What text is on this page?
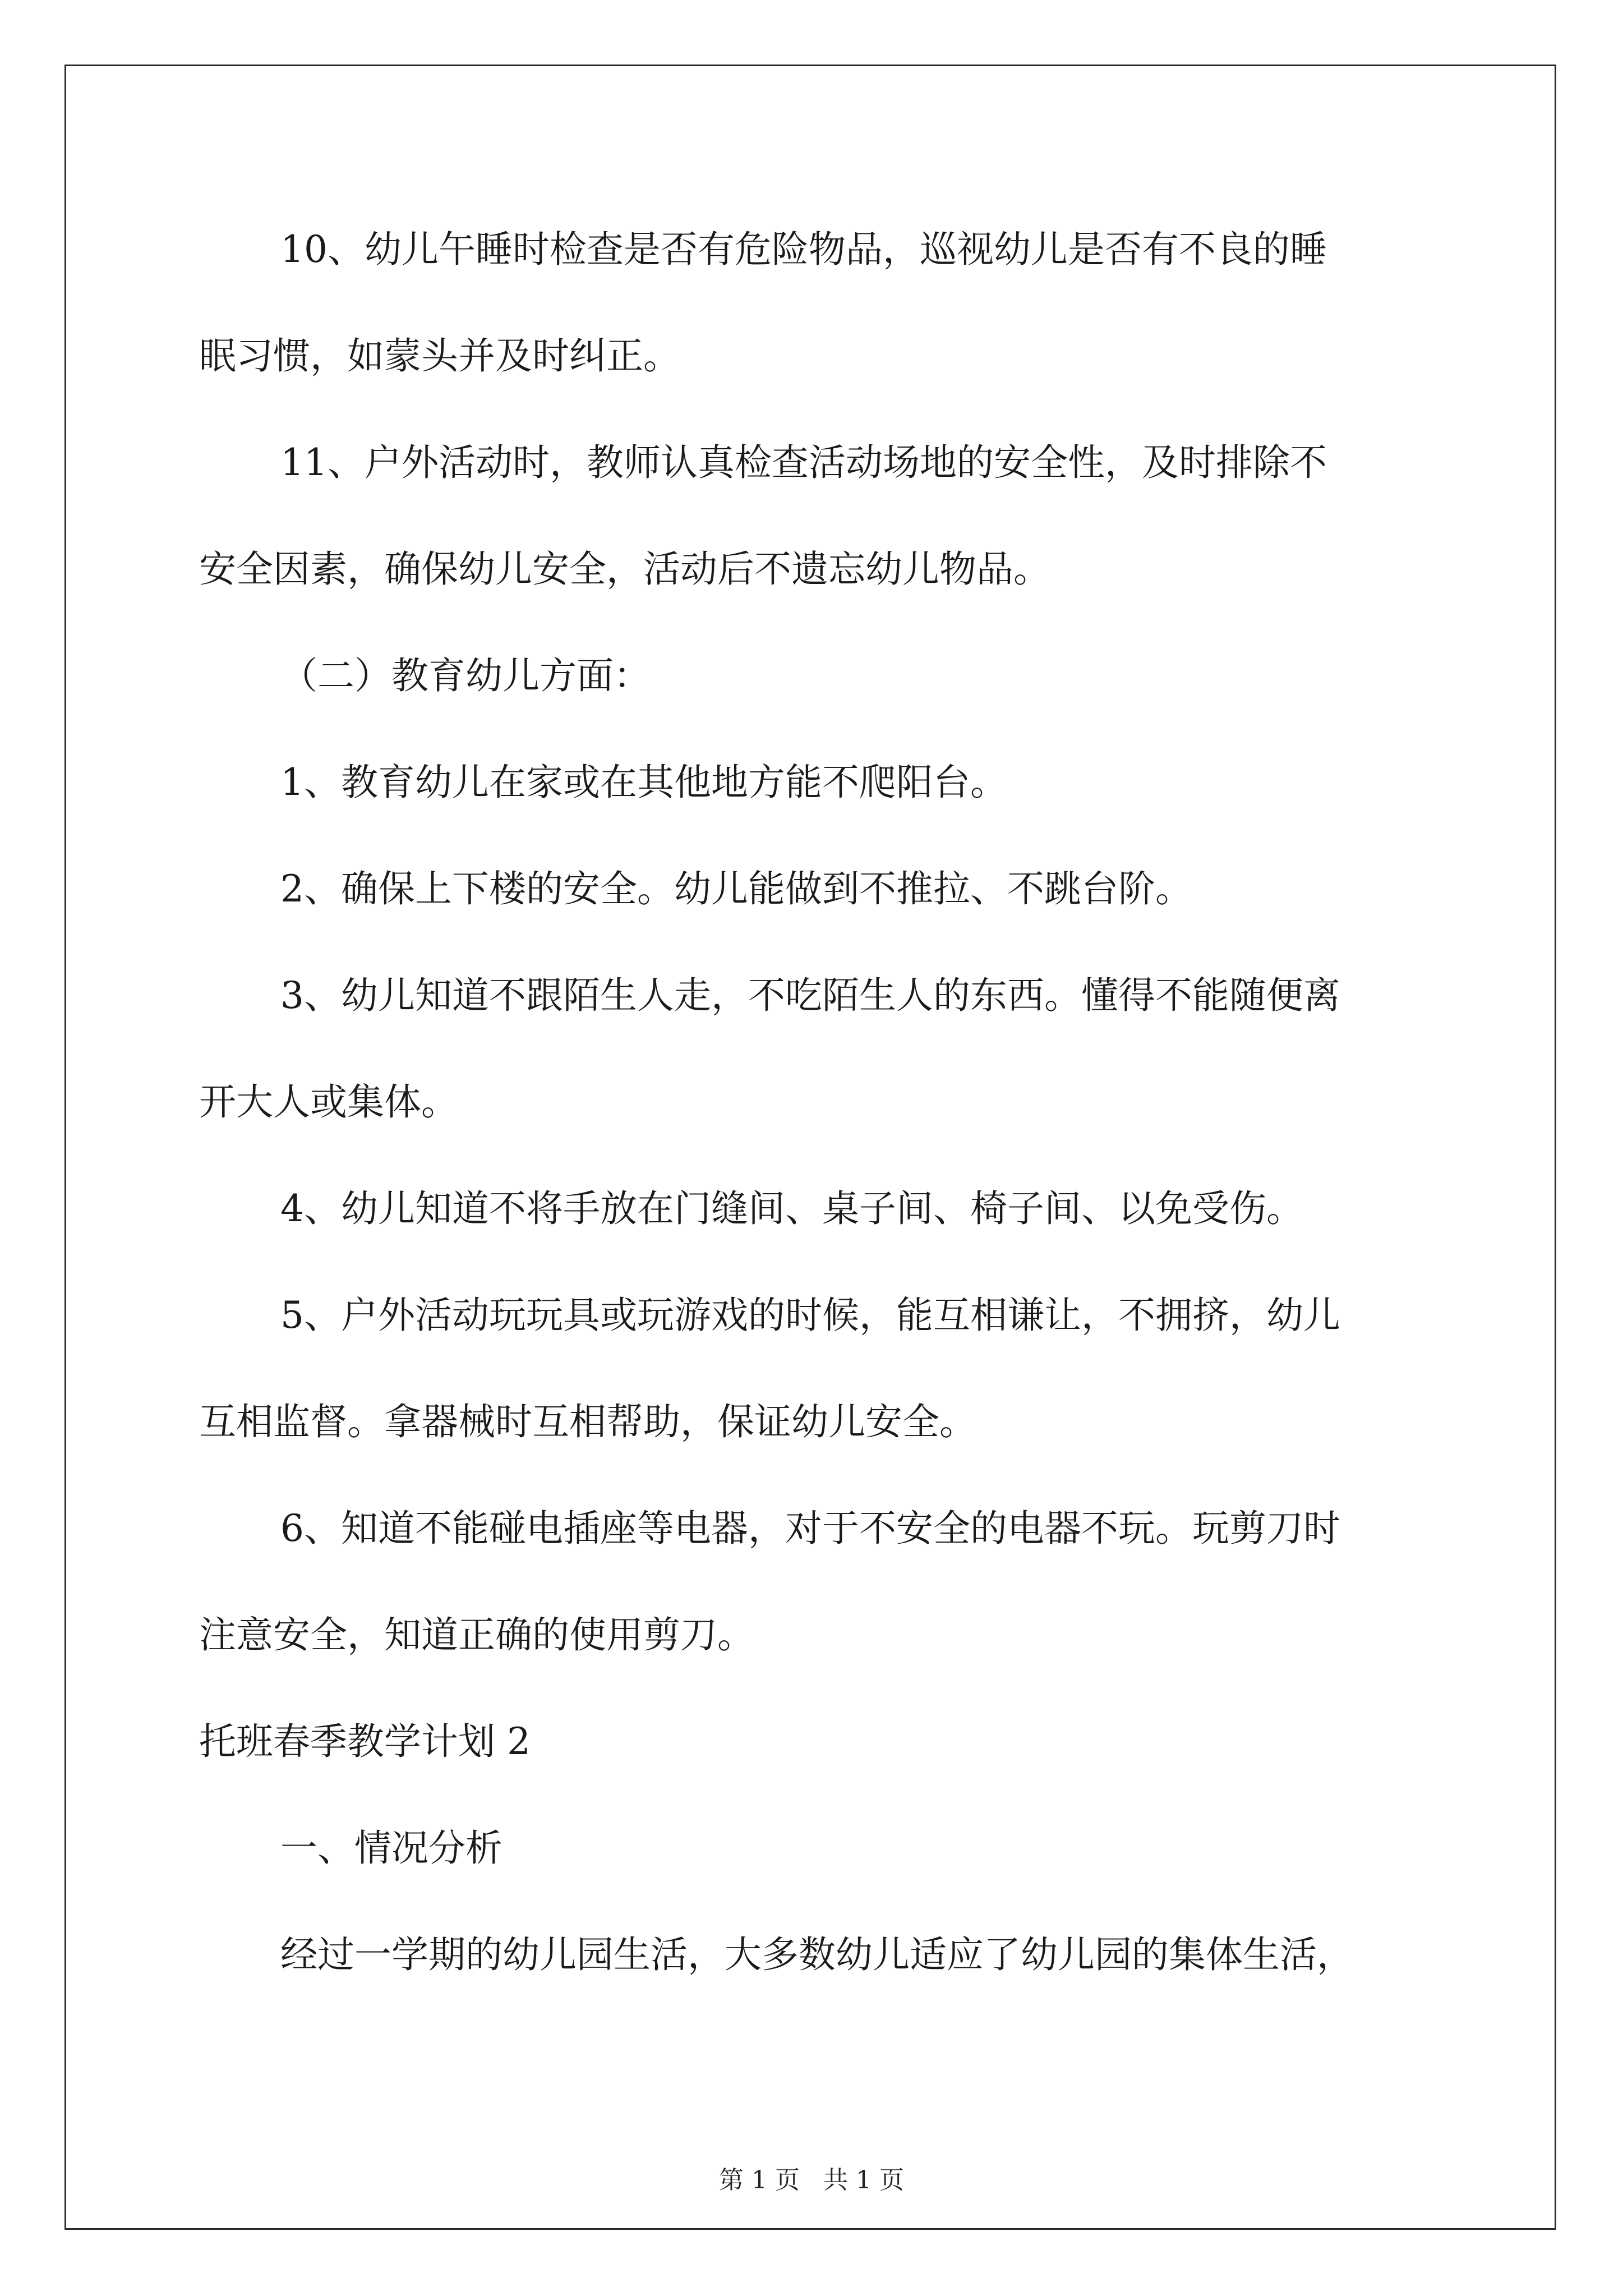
10、幼儿午睡时检查是否有危险物品，巡视幼儿是否有不良的睡

眠习惯，如蒙头并及时纠正。

11、户外活动时，教师认真检查活动场地的安全性，及时排除不

安全因素，确保幼儿安全，活动后不遗忘幼儿物品。

（二）教育幼儿方面：

1、教育幼儿在家或在其他地方能不爬阳台。

2、确保上下楼的安全。幼儿能做到不推拉、不跳台阶。

3、幼儿知道不跟陌生人走，不吃陌生人的东西。懂得不能随便离

开大人或集体。

4、幼儿知道不将手放在门缝间、桌子间、椅子间、以免受伤。

5、户外活动玩玩具或玩游戏的时候，能互相谦让，不拥挤，幼儿

互相监督。拿器械时互相帮助，保证幼儿安全。

6、知道不能碰电插座等电器，对于不安全的电器不玩。玩剪刀时

注意安全，知道正确的使用剪刀。

托班春季教学计划 2

一、情况分析

经过一学期的幼儿园生活，大多数幼儿适应了幼儿园的集体生活，

第 1 页   共 1 页
